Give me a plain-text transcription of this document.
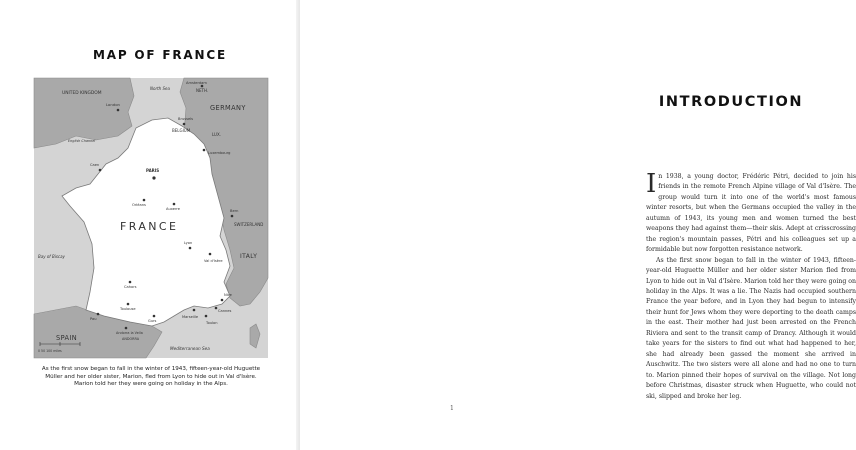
MAP OF FRANCE
UNITED KINGDOM
North Sea	NETH.
GERMANY
BELGIUM
LUX.
English Channel
SWITZERLAND
ITALY
SPAIN
Bay of Biscay
Mediterranean Sea
FRANCE
Amsterdam
London
Brussels
Luxembourg
Caen
PARIS
Orléans
Auxerre	Bern
Lyon
Val d'Isère
Cahors
Toulouse
Pau	Gurs
Nice
Marseille
Cannes
Toulon
Andorra la Vella
ANDORRA
0 50 100 miles
As the first snow began to fall in the winter of 1943, fifteen-year-old Huguette Müller and her older sister, Marion, fled from Lyon to hide out in Val d'Isère. Marion told her they were going on holiday in the Alps.
INTRODUCTION

In 1938, a young doctor, Frédéric Pétri, decided to join his friends in the remote French Alpine village of Val d'Isère. The group would turn it into one of the world's most famous winter resorts, but when the Germans occupied the valley in the autumn of 1943, its young men and women turned the best weapons they had against them—their skis. Adept at crisscrossing the region's mountain passes, Pétri and his colleagues set up a formidable but now forgotten resistance network.

As the first snow began to fall in the winter of 1943, fifteen-year-old Huguette Müller and her older sister Marion fled from Lyon to hide out in Val d'Isère. Marion told her they were going on holiday in the Alps. It was a lie. The Nazis had occupied southern France the year before, and in Lyon they had begun to intensify their hunt for Jews whom they were deporting to the death camps in the east. Their mother had just been arrested on the French Riviera and sent to the transit camp of Drancy. Although it would take years for the sisters to find out what had happened to her, she had already been gassed the moment she arrived in Auschwitz. The two sisters were all alone and had no one to turn to. Marion pinned their hopes of survival on the village. Not long before Christmas, disaster struck when Huguette, who could not ski, slipped and broke her leg.

1
